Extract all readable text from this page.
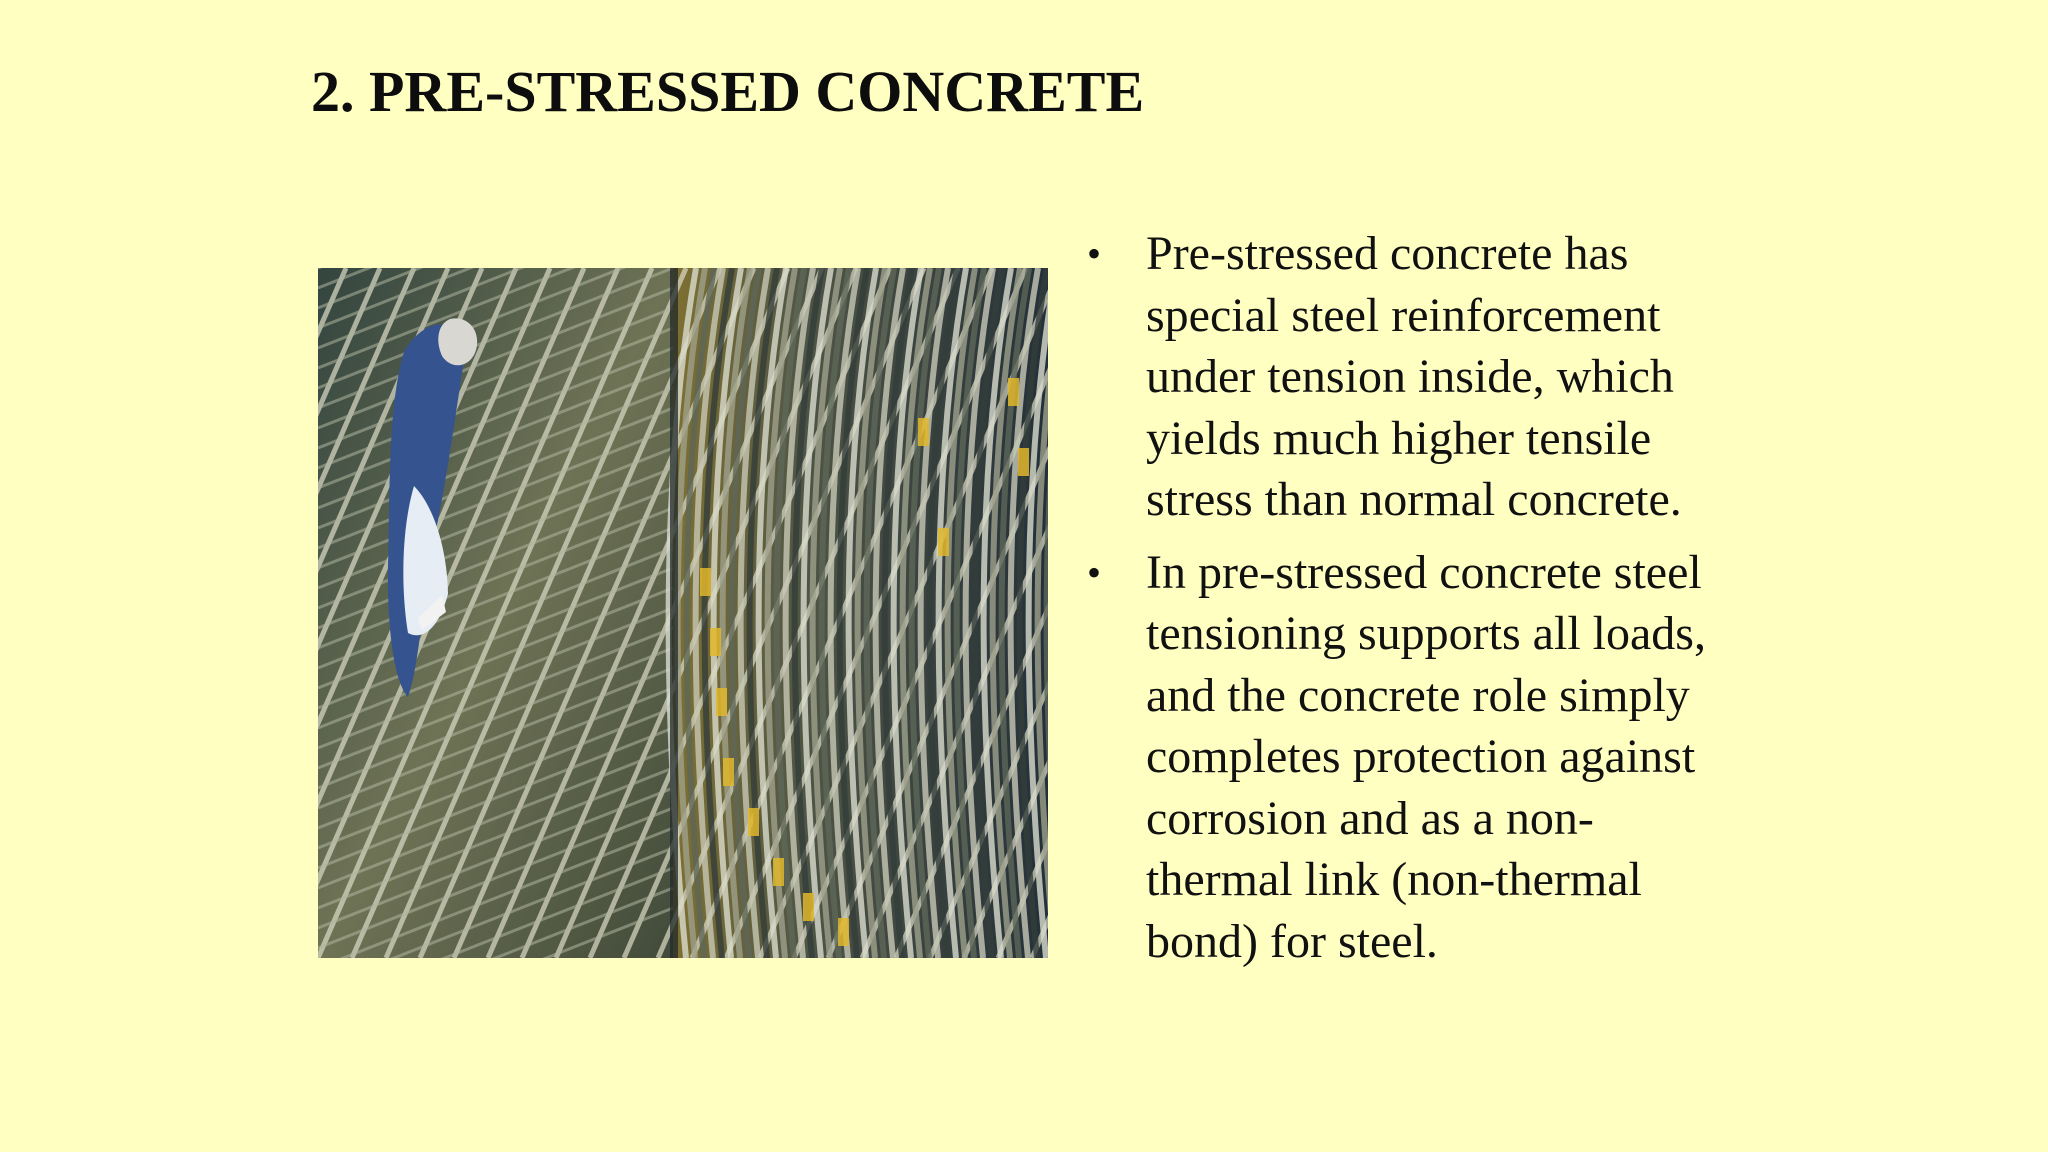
2. PRE-STRESSED CONCRETE
• Pre-stressed concrete has
special steel reinforcement
under tension inside, which
yields much higher tensile
stress than normal concrete.
• In pre-stressed concrete steel
tensioning supports all loads,
and the concrete role simply
completes protection against
corrosion and as a non-
thermal link (non-thermal
bond) for steel.
